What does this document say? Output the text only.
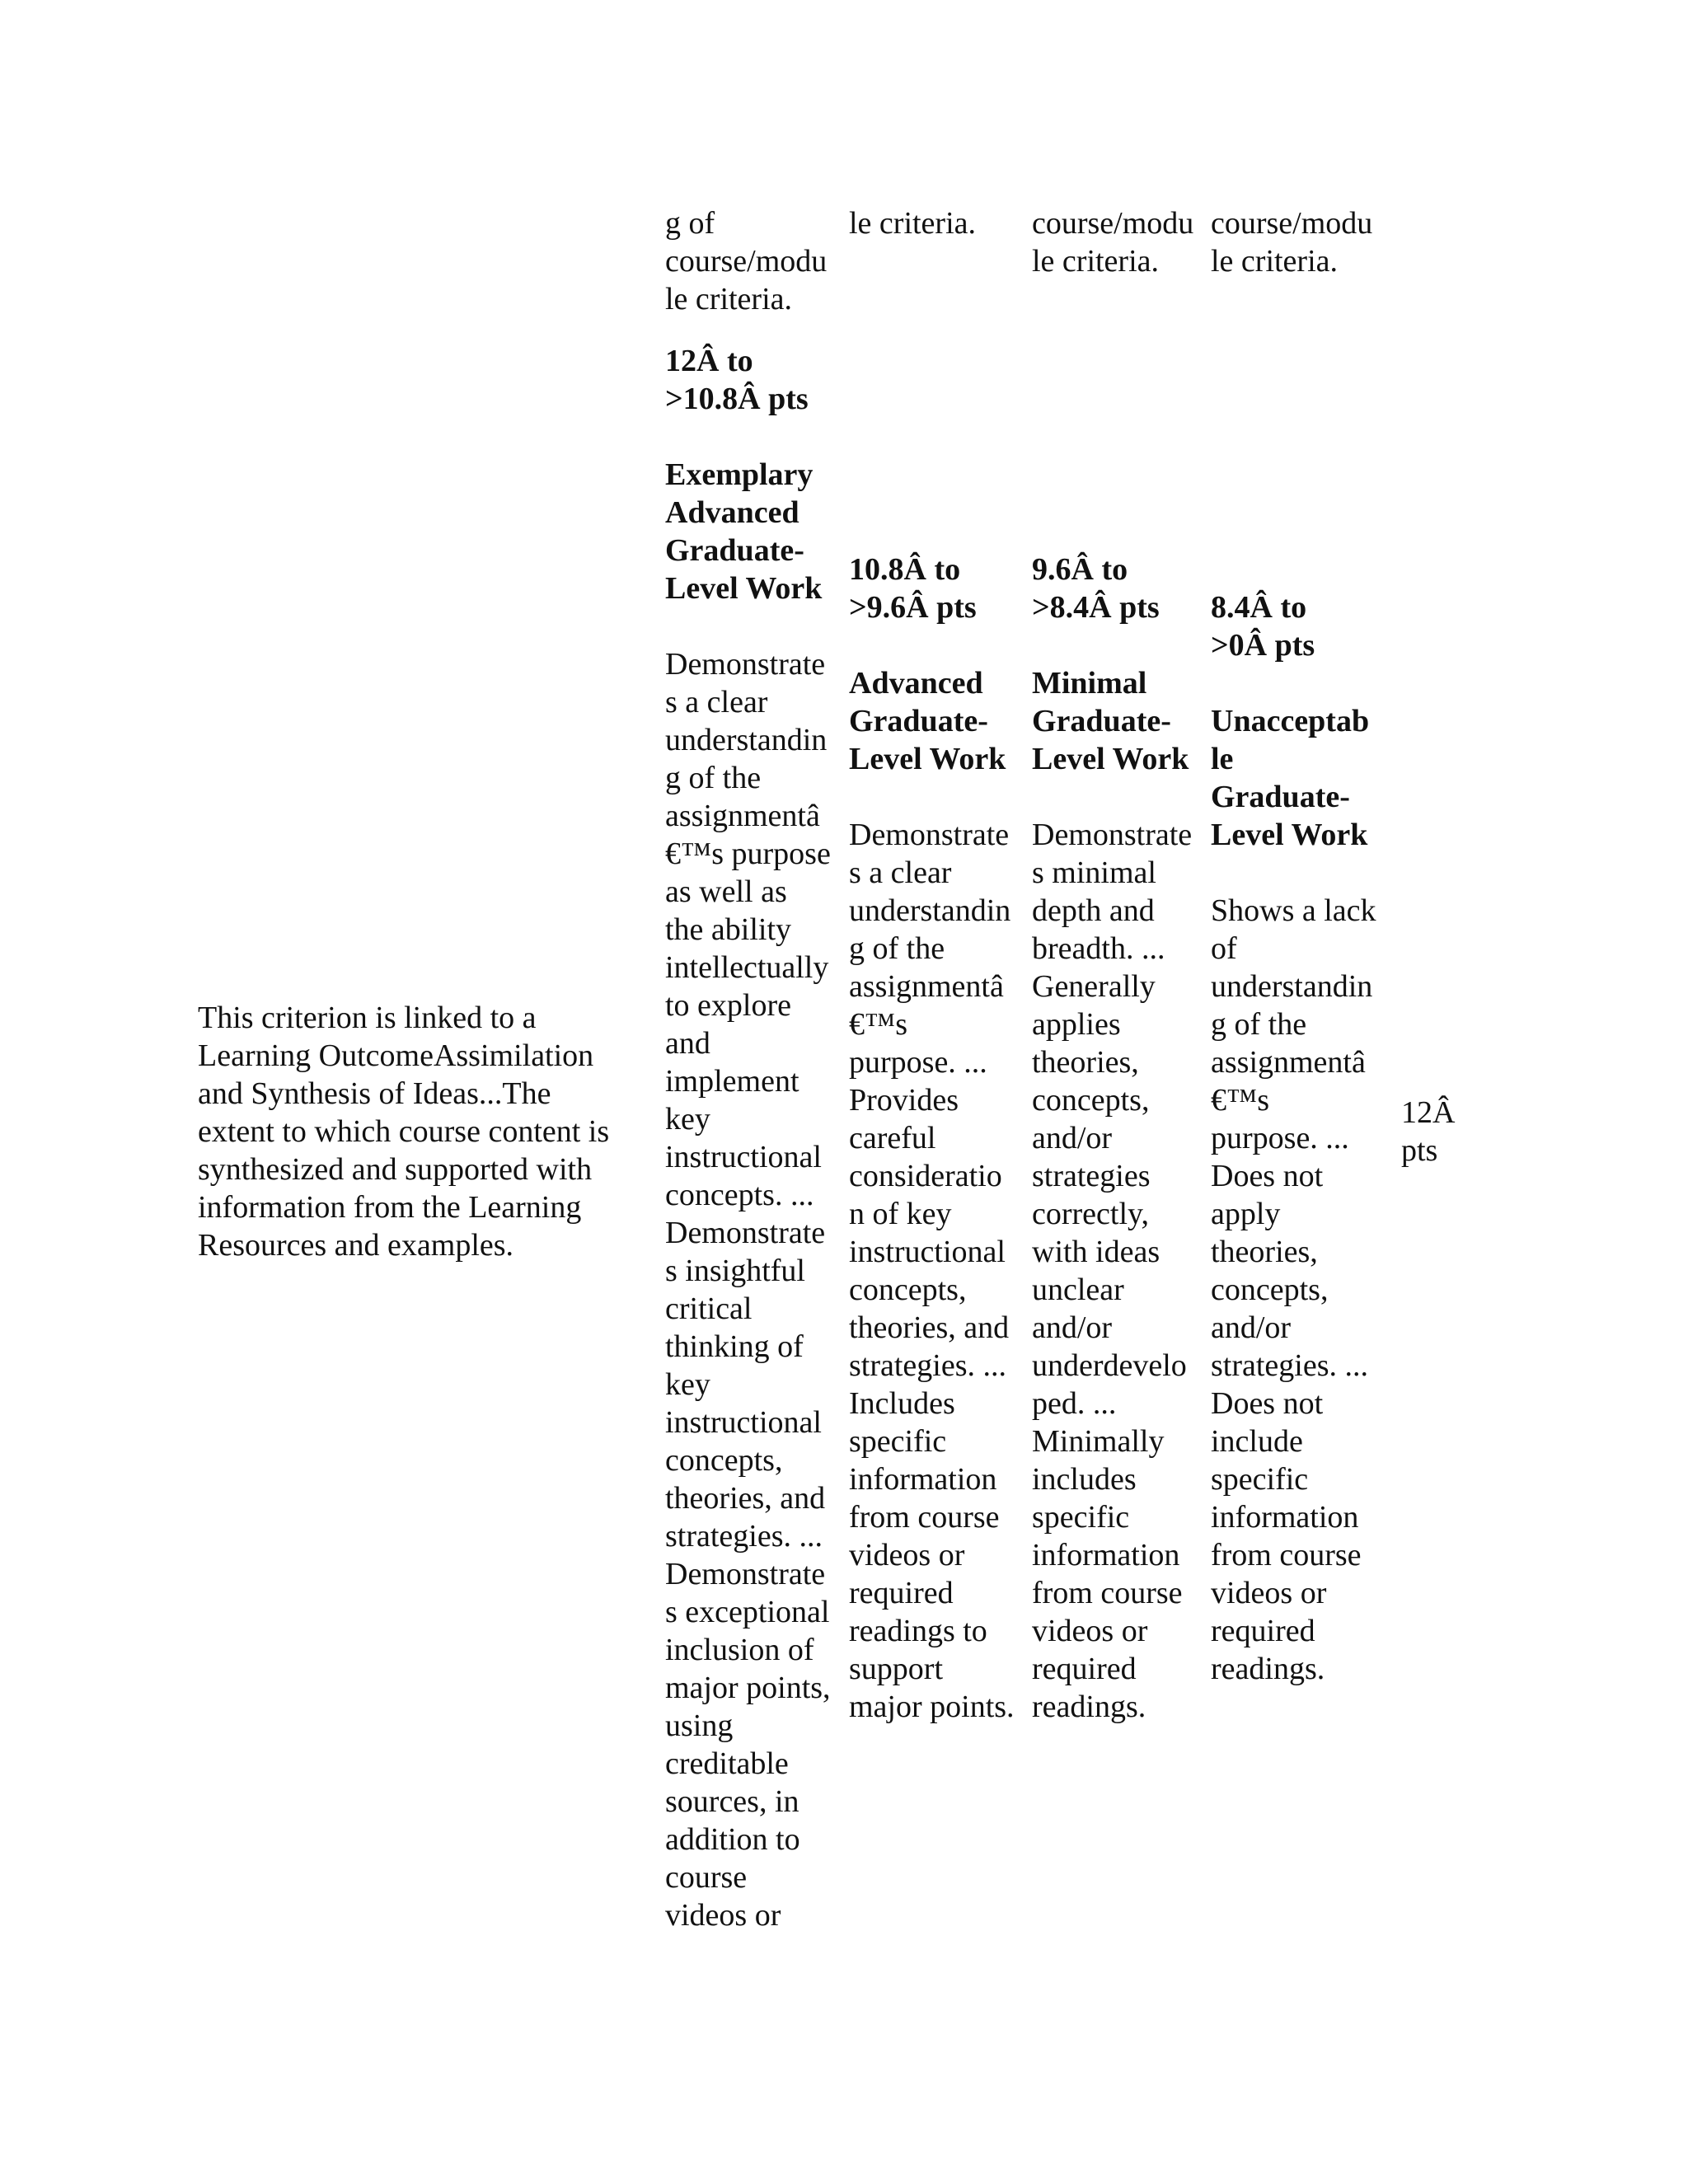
g of
course/modu
le criteria.

le criteria.	course/modu
le criteria.

course/modu
le criteria.

This criterion is linked to a
Learning OutcomeAssimilation
and Synthesis of Ideas...The
extent to which course content is
synthesized and supported with
information from the Learning
Resources and examples.

12Â to
>10.8Â pts

Exemplary
Advanced
Graduate-
Level Work

Demonstrate
s a clear
understandin
g of the
assignmentâ
€™s purpose
as well as
the ability
intellectually
to explore
and
implement
key
instructional
concepts. ...
Demonstrate
s insightful
critical
thinking of
key
instructional
concepts,
theories, and
strategies. ...
Demonstrate
s exceptional
inclusion of
major points,
using
creditable
sources, in
addition to
course
videos or

10.8Â to
>9.6Â pts

Advanced
Graduate-
Level Work

Demonstrate
s a clear
understandin
g of the
assignmentâ
€™s
purpose. ...
Provides
careful
consideratio
n of key
instructional
concepts,
theories, and
strategies. ...
Includes
specific
information
from course
videos or
required
readings to
support
major points.

9.6Â to
>8.4Â pts

Minimal
Graduate-
Level Work

Demonstrate
s minimal
depth and
breadth. ...
Generally
applies
theories,
concepts,
and/or
strategies
correctly,
with ideas
unclear
and/or
underdevelo
ped. ...
Minimally
includes
specific
information
from course
videos or
required
readings.

8.4Â to
>0Â pts

Unacceptab
le
Graduate-
Level Work

Shows a lack
of
understandin
g of the
assignmentâ
€™s
purpose. ...
Does not
apply
theories,
concepts,
and/or
strategies. ...
Does not
include
specific
information
from course
videos or
required
readings.

12Â
pts
